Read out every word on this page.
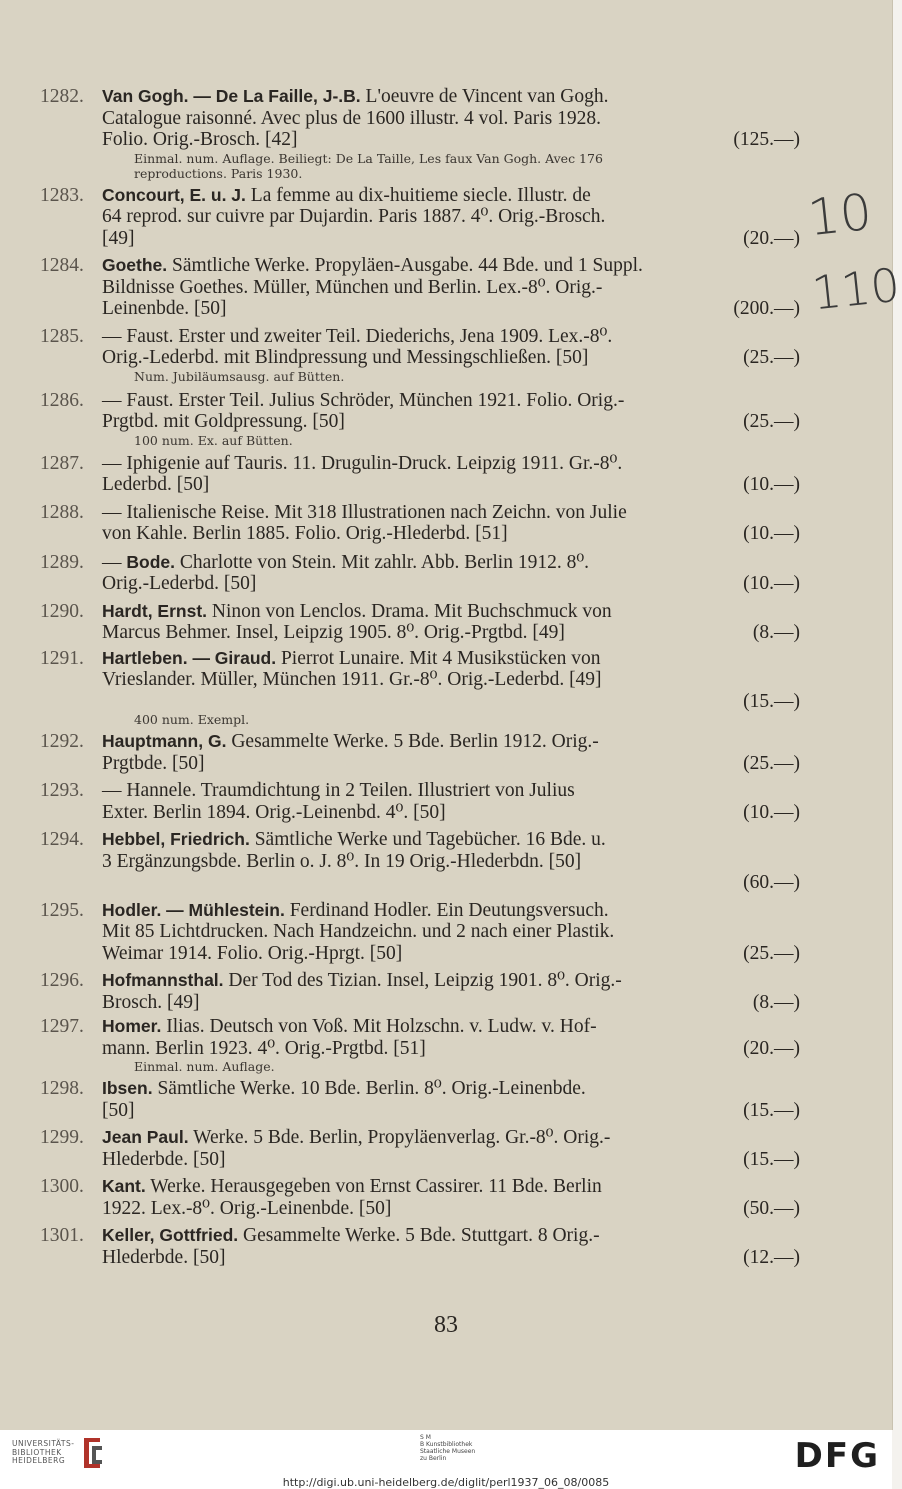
1282.	Van Gogh. — De La Faille, J-.B. L'oeuvre de Vincent van Gogh.
Catalogue raisonné. Avec plus de 1600 illustr. 4 vol. Paris 1928.
Folio. Orig.-Brosch. [42]	(125.—)
Einmal. num. Auflage. Beiliegt: De La Taille, Les faux Van Gogh. Avec 176
reproductions. Paris 1930.
1283.	Concourt, E. u. J. La femme au dix-huitieme siecle. Illustr. de
64 reprod. sur cuivre par Dujardin. Paris 1887. 4⁰. Orig.-Brosch.
[49]	(20.—)
1284.	Goethe. Sämtliche Werke. Propyläen-Ausgabe. 44 Bde. und 1 Suppl.
Bildnisse Goethes. Müller, München und Berlin. Lex.-8⁰. Orig.-
Leinenbde. [50]	(200.—)
1285. — Faust. Erster und zweiter Teil. Diederichs, Jena 1909. Lex.-8⁰.
Orig.-Lederbd. mit Blindpressung und Messingschließen. [50]	(25.—)
Num. Jubiläumsausg. auf Bütten.
1286. — Faust. Erster Teil. Julius Schröder, München 1921. Folio. Orig.-
Prgtbd. mit Goldpressung. [50]	(25.—)
100 num. Ex. auf Bütten.
1287. — Iphigenie auf Tauris. 11. Drugulin-Druck. Leipzig 1911. Gr.-8⁰.
Lederbd. [50]	(10.—)
1288. — Italienische Reise. Mit 318 Illustrationen nach Zeichn. von Julie
von Kahle. Berlin 1885. Folio. Orig.-Hlederbd. [51]	(10.—)
1289. — Bode. Charlotte von Stein. Mit zahlr. Abb. Berlin 1912. 8⁰.
Orig.-Lederbd. [50]	(10.—)
1290.	Hardt, Ernst. Ninon von Lenclos. Drama. Mit Buchschmuck von
Marcus Behmer. Insel, Leipzig 1905. 8⁰. Orig.-Prgtbd. [49]	(8.—)
1291.	Hartleben. — Giraud. Pierrot Lunaire. Mit 4 Musikstücken von
Vrieslander. Müller, München 1911. Gr.-8⁰. Orig.-Lederbd. [49]
(15.—)
400 num. Exempl.
1292.	Hauptmann, G. Gesammelte Werke. 5 Bde. Berlin 1912. Orig.-
Prgtbde. [50]	(25.—)
1293. — Hannele. Traumdichtung in 2 Teilen. Illustriert von Julius
Exter. Berlin 1894. Orig.-Leinenbd. 4⁰. [50]	(10.—)
1294.	Hebbel, Friedrich. Sämtliche Werke und Tagebücher. 16 Bde. u.
3 Ergänzungsbde. Berlin o. J. 8⁰. In 19 Orig.-Hlederbdn. [50]
(60.—)
1295.	Hodler. — Mühlestein. Ferdinand Hodler. Ein Deutungsversuch.
Mit 85 Lichtdrucken. Nach Handzeichn. und 2 nach einer Plastik.
Weimar 1914. Folio. Orig.-Hprgt. [50]	(25.—)
1296.	Hofmannsthal. Der Tod des Tizian. Insel, Leipzig 1901. 8⁰. Orig.-
Brosch. [49]	(8.—)
1297.	Homer. Ilias. Deutsch von Voß. Mit Holzschn. v. Ludw. v. Hof-
mann. Berlin 1923. 4⁰. Orig.-Prgtbd. [51]	(20.—)
Einmal. num. Auflage.
1298.	Ibsen. Sämtliche Werke. 10 Bde. Berlin. 8⁰. Orig.-Leinenbde.
[50]	(15.—)
1299.	Jean Paul. Werke. 5 Bde. Berlin, Propyläenverlag. Gr.-8⁰. Orig.-
Hlederbde. [50]	(15.—)
1300.	Kant. Werke. Herausgegeben von Ernst Cassirer. 11 Bde. Berlin
1922. Lex.-8⁰. Orig.-Leinenbde. [50]	(50.—)
1301.	Keller, Gottfried. Gesammelte Werke. 5 Bde. Stuttgart. 8 Orig.-
Hlederbde. [50]	(12.—)
10
110
83
UNIVERSITÄTS-
BIBLIOTHEK
HEIDELBERG
S M
B Kunstbibliothek
Staatliche Museen
zu Berlin	DFG
http://digi.ub.uni-heidelberg.de/diglit/perl1937_06_08/0085
